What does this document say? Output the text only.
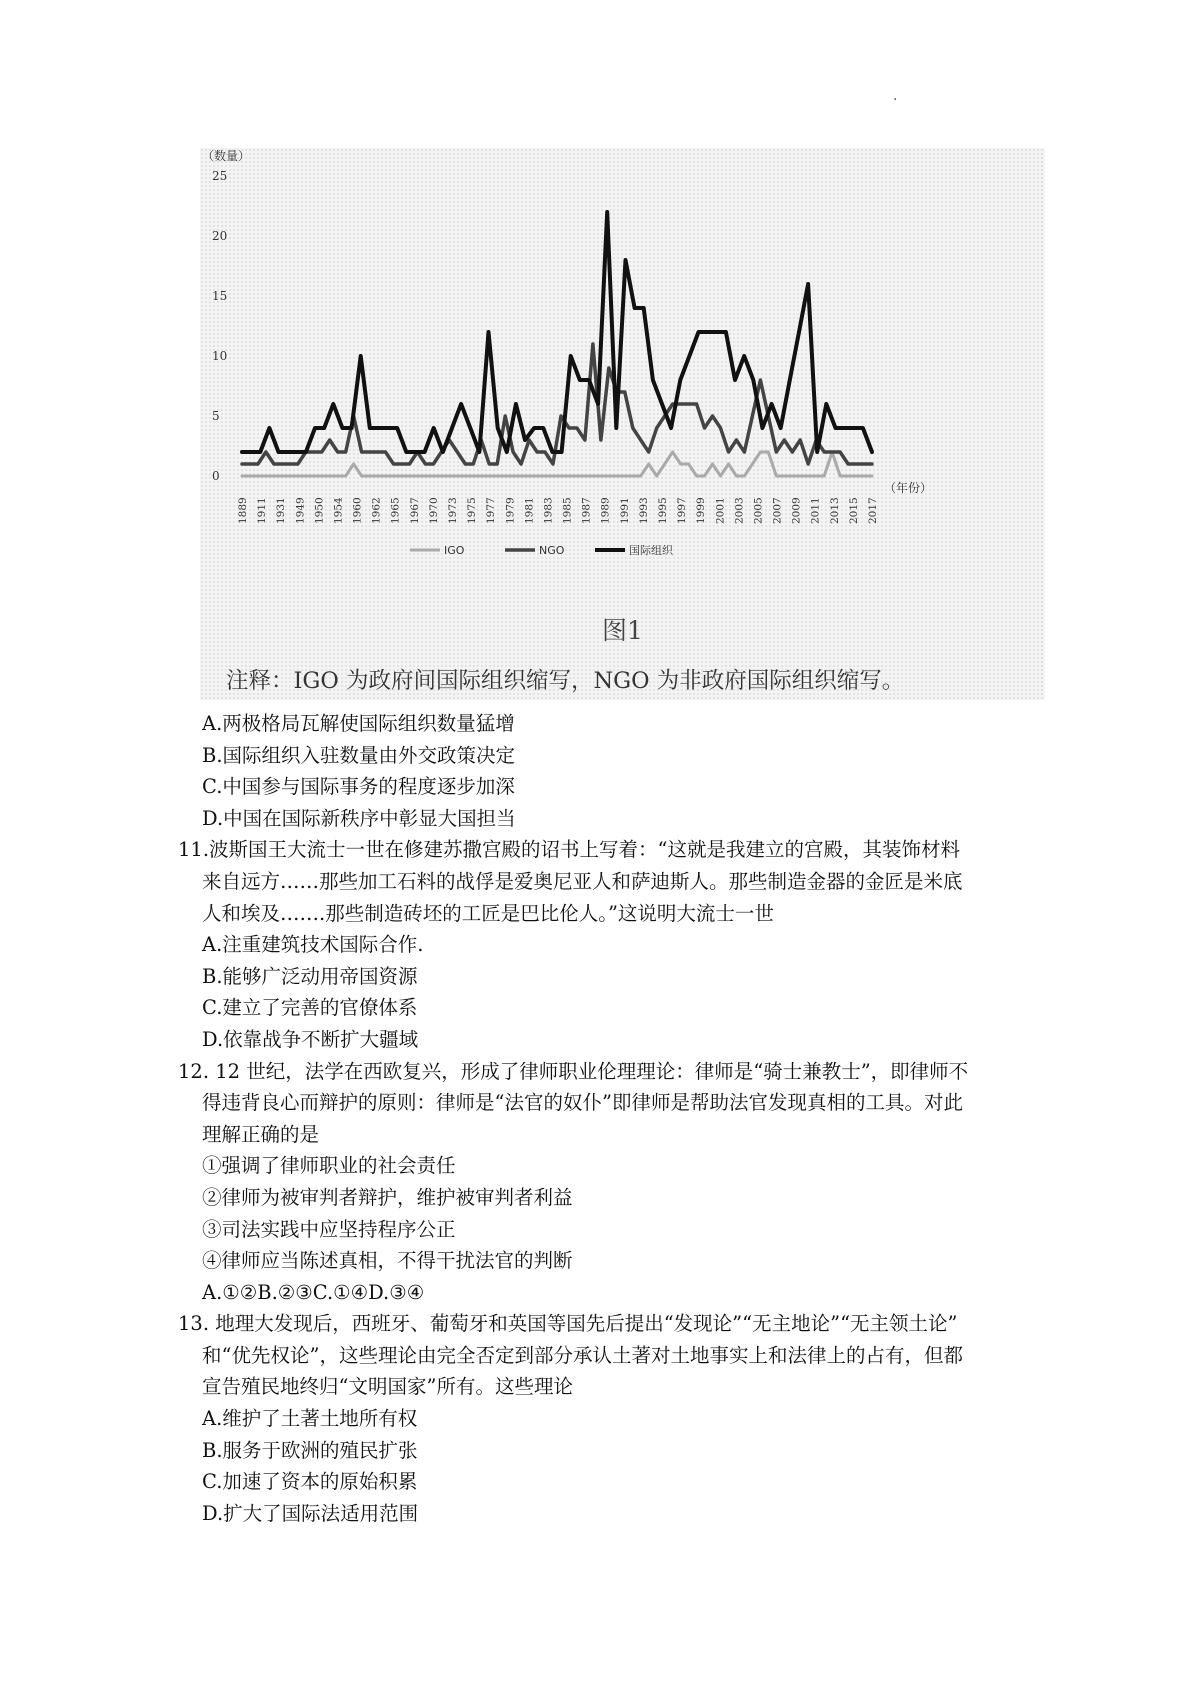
.
（数量）
0
5
10
15
20
25
1889 1911 1931 1949 1950 1954 1960 1962 1965 1967 1970 1973 1975 1977 1979 1981 1983 1985 1987 1989 1991 1993 1995 1997 1999 2001 2003 2005 2007 2009 2011 2013 2015 2017
（年份）
IGO	NGO	国际组织
图1
注释：IGO 为政府间国际组织缩写，NGO 为非政府国际组织缩写。
A.两极格局瓦解使国际组织数量猛增
B.国际组织入驻数量由外交政策决定
C.中国参与国际事务的程度逐步加深
D.中国在国际新秩序中彰显大国担当
11.波斯国王大流士一世在修建苏撒宫殿的诏书上写着：“这就是我建立的宫殿，其装饰材料
来自远方……那些加工石料的战俘是爱奥尼亚人和萨迪斯人。那些制造金器的金匠是米底
人和埃及…….那些制造砖坯的工匠是巴比伦人。”这说明大流士一世
A.注重建筑技术国际合作.
B.能够广泛动用帝国资源
C.建立了完善的官僚体系
D.依靠战争不断扩大疆域
12. 12 世纪，法学在西欧复兴，形成了律师职业伦理理论：律师是“骑士兼教士”，即律师不
得违背良心而辩护的原则：律师是“法官的奴仆”即律师是帮助法官发现真相的工具。对此
理解正确的是
①强调了律师职业的社会责任
②律师为被审判者辩护，维护被审判者利益
③司法实践中应坚持程序公正
④律师应当陈述真相，不得干扰法官的判断
A.①②B.②③C.①④D.③④
13. 地理大发现后，西班牙、葡萄牙和英国等国先后提出“发现论”“无主地论”“无主领土论”
和“优先权论”，这些理论由完全否定到部分承认土著对土地事实上和法律上的占有，但都
宣告殖民地终归“文明国家”所有。这些理论
A.维护了土著土地所有权
B.服务于欧洲的殖民扩张
C.加速了资本的原始积累
D.扩大了国际法适用范围
